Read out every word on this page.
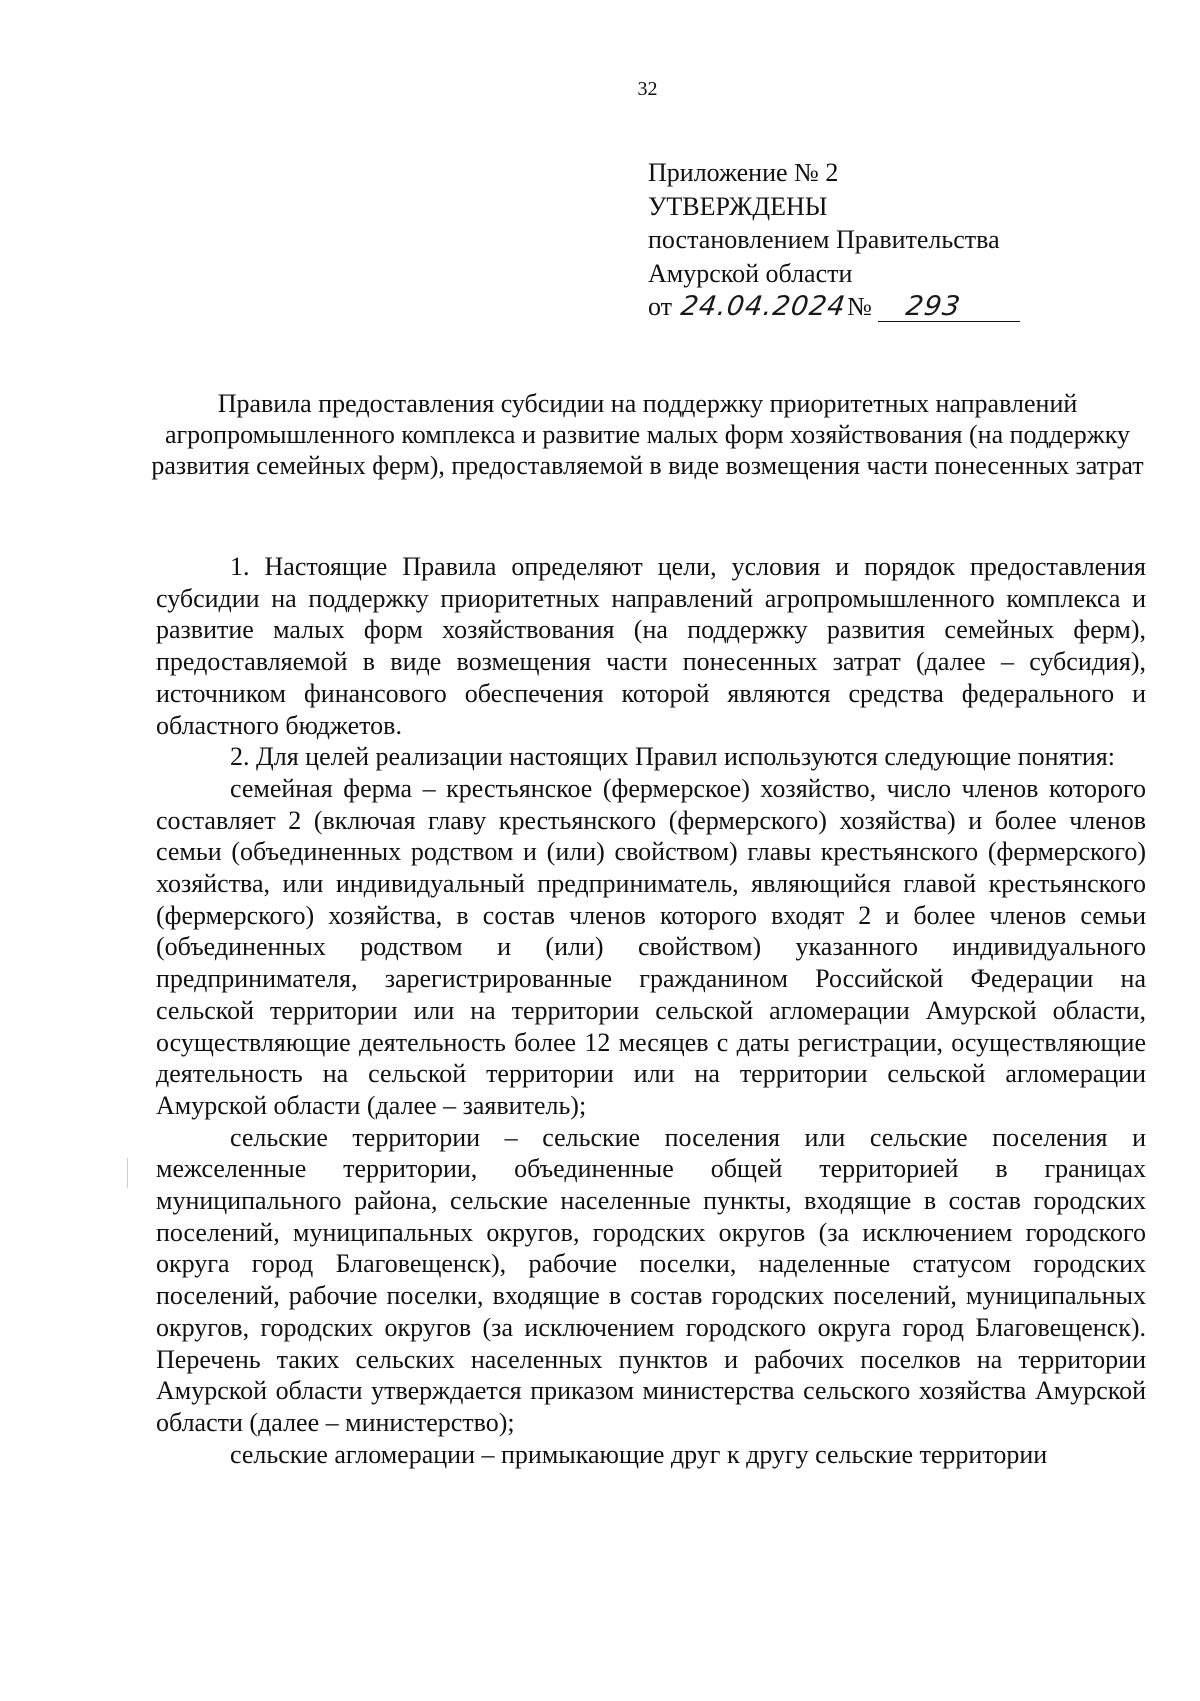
32
Приложение № 2
УТВЕРЖДЕНЫ
постановлением Правительства
Амурской области
от 24.04.2024№ 293
Правила предоставления субсидии на поддержку приоритетных направлений агропромышленного комплекса и развитие малых форм хозяйствования (на поддержку развития семейных ферм), предоставляемой в виде возмещения части понесенных затрат

1. Настоящие Правила определяют цели, условия и порядок предоставления субсидии на поддержку приоритетных направлений агропромышленного комплекса и развитие малых форм хозяйствования (на поддержку развития семейных ферм), предоставляемой в виде возмещения части понесенных затрат (далее – субсидия), источником финансового обеспечения которой являются средства федерального и областного бюджетов.

2. Для целей реализации настоящих Правил используются следующие понятия:

семейная ферма – крестьянское (фермерское) хозяйство, число членов которого составляет 2 (включая главу крестьянского (фермерского) хозяйства) и более членов семьи (объединенных родством и (или) свойством) главы крестьянского (фермерского) хозяйства, или индивидуальный предприниматель, являющийся главой крестьянского (фермерского) хозяйства, в состав членов которого входят 2 и более членов семьи (объединенных родством и (или) свойством) указанного индивидуального предпринимателя, зарегистрированные гражданином Российской Федерации на сельской территории или на территории сельской агломерации Амурской области, осуществляющие деятельность более 12 месяцев с даты регистрации, осуществляющие деятельность на сельской территории или на территории сельской агломерации Амурской области (далее – заявитель);

сельские территории – сельские поселения или сельские поселения и межселенные территории, объединенные общей территорией в границах муниципального района, сельские населенные пункты, входящие в состав городских поселений, муниципальных округов, городских округов (за исключением городского округа город Благовещенск), рабочие поселки, наделенные статусом городских поселений, рабочие поселки, входящие в состав городских поселений, муниципальных округов, городских округов (за исключением городского округа город Благовещенск). Перечень таких сельских населенных пунктов и рабочих поселков на территории Амурской области утверждается приказом министерства сельского хозяйства Амурской области (далее – министерство);

сельские агломерации – примыкающие друг к другу сельские территории
